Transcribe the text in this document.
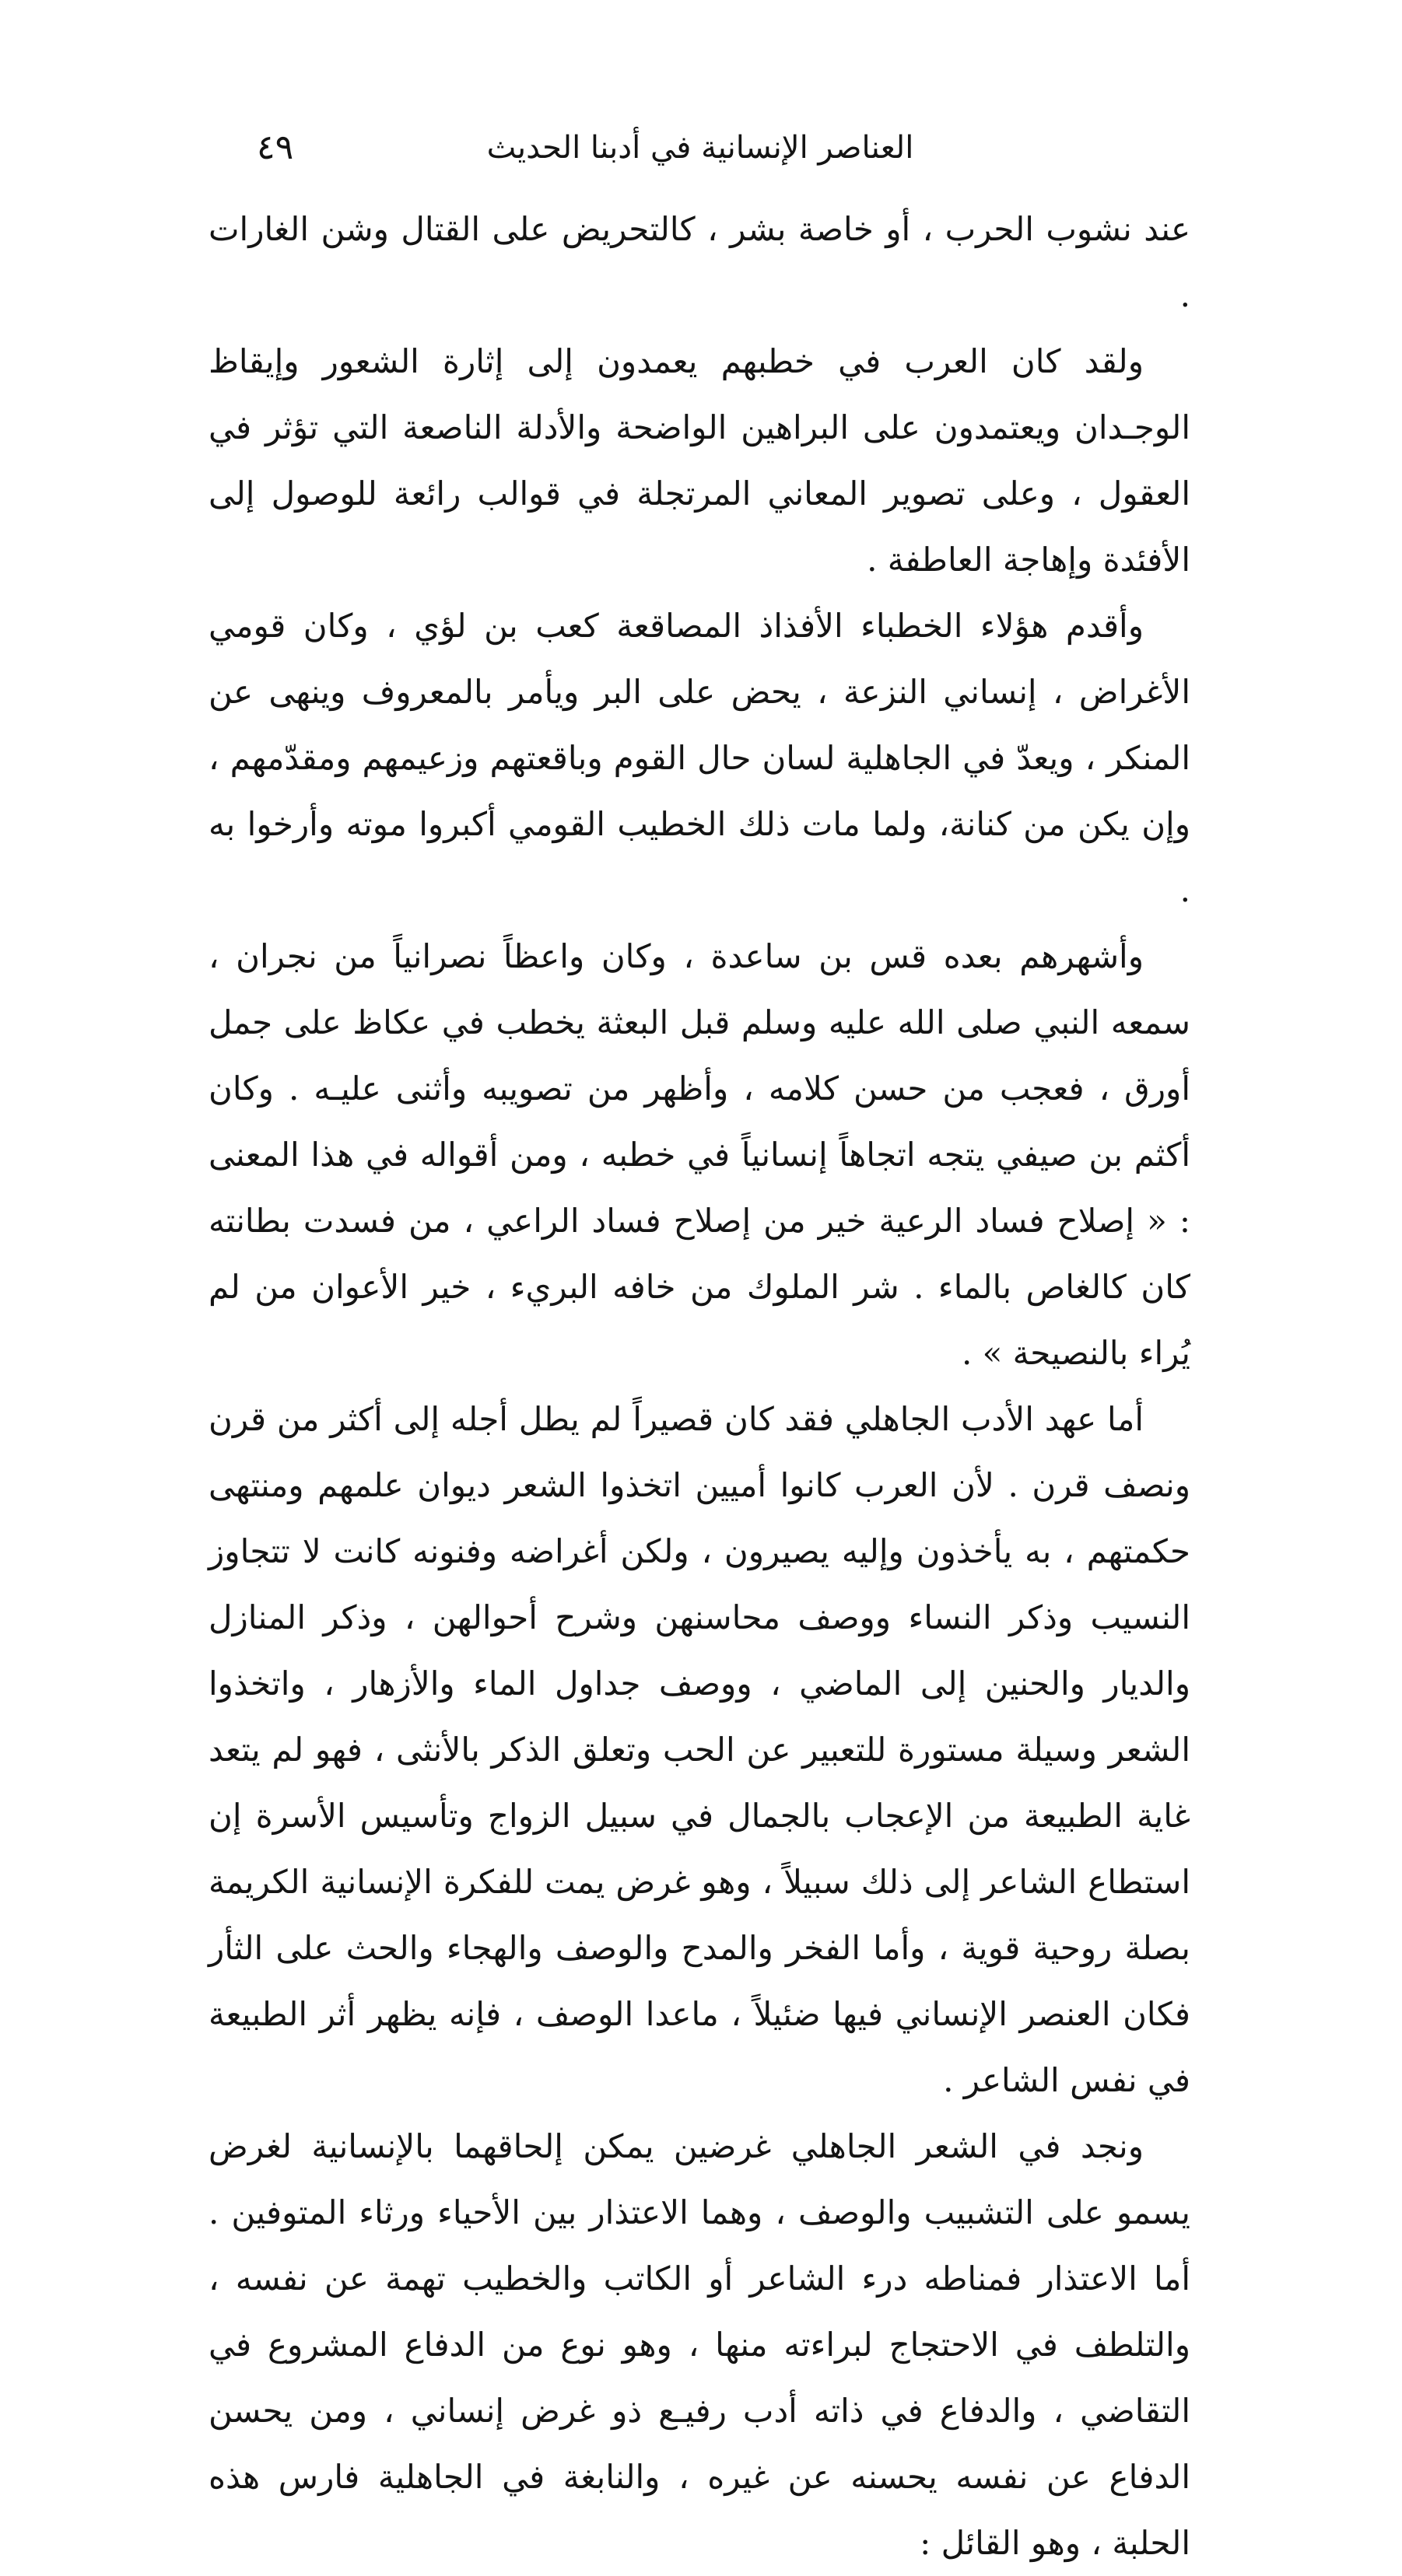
العناصر الإنسانية في أدبنا الحديث
٤٩

عند نشوب الحرب ، أو خاصة بشر ، كالتحريض على القتال وشن الغارات .

ولقد كان العرب في خطبهم يعمدون إلى إثارة الشعور وإيقاظ الوجـدان ويعتمدون على البراهين الواضحة والأدلة الناصعة التي تؤثر في العقول ، وعلى تصوير المعاني المرتجلة في قوالب رائعة للوصول إلى الأفئدة وإهاجة العاطفة .

وأقدم هؤلاء الخطباء الأفذاذ المصاقعة كعب بن لؤي ، وكان قومي الأغراض ، إنساني النزعة ، يحض على البر ويأمر بالمعروف وينهى عن المنكر ، ويعدّ في الجاهلية لسان حال القوم وباقعتهم وزعيمهم ومقدّمهم ، وإن يكن من كنانة، ولما مات ذلك الخطيب القومي أكبروا موته وأرخوا به .

وأشهرهم بعده قس بن ساعدة ، وكان واعظاً نصرانياً من نجران ، سمعه النبي صلى الله عليه وسلم قبل البعثة يخطب في عكاظ على جمل أورق ، فعجب من حسن كلامه ، وأظهر من تصويبه وأثنى عليـه . وكان أكثم بن صيفي يتجه اتجاهاً إنسانياً في خطبه ، ومن أقواله في هذا المعنى : « إصلاح فساد الرعية خير من إصلاح فساد الراعي ، من فسدت بطانته كان كالغاص بالماء . شر الملوك من خافه البريء ، خير الأعوان من لم يُراء بالنصيحة » .

أما عهد الأدب الجاهلي فقد كان قصيراً لم يطل أجله إلى أكثر من قرن ونصف قرن . لأن العرب كانوا أميين اتخذوا الشعر ديوان علمهم ومنتهى حكمتهم ، به يأخذون وإليه يصيرون ، ولكن أغراضه وفنونه كانت لا تتجاوز النسيب وذكر النساء ووصف محاسنهن وشرح أحوالهن ، وذكر المنازل والديار والحنين إلى الماضي ، ووصف جداول الماء والأزهار ، واتخذوا الشعر وسيلة مستورة للتعبير عن الحب وتعلق الذكر بالأنثى ، فهو لم يتعد غاية الطبيعة من الإعجاب بالجمال في سبيل الزواج وتأسيس الأسرة إن استطاع الشاعر إلى ذلك سبيلاً ، وهو غرض يمت للفكرة الإنسانية الكريمة بصلة روحية قوية ، وأما الفخر والمدح والوصف والهجاء والحث على الثأر فكان العنصر الإنساني فيها ضئيلاً ، ماعدا الوصف ، فإنه يظهر أثر الطبيعة في نفس الشاعر .

ونجد في الشعر الجاهلي غرضين يمكن إلحاقهما بالإنسانية لغرض يسمو على التشبيب والوصف ، وهما الاعتذار بين الأحياء ورثاء المتوفين . أما الاعتذار فمناطه درء الشاعر أو الكاتب والخطيب تهمة عن نفسه ، والتلطف في الاحتجاج لبراءته منها ، وهو نوع من الدفاع المشروع في التقاضي ، والدفاع في ذاته أدب رفيـع ذو غرض إنساني ، ومن يحسن الدفاع عن نفسه يحسنه عن غيره ، والنابغة في الجاهلية فارس هذه الحلبة ، وهو القائل :
